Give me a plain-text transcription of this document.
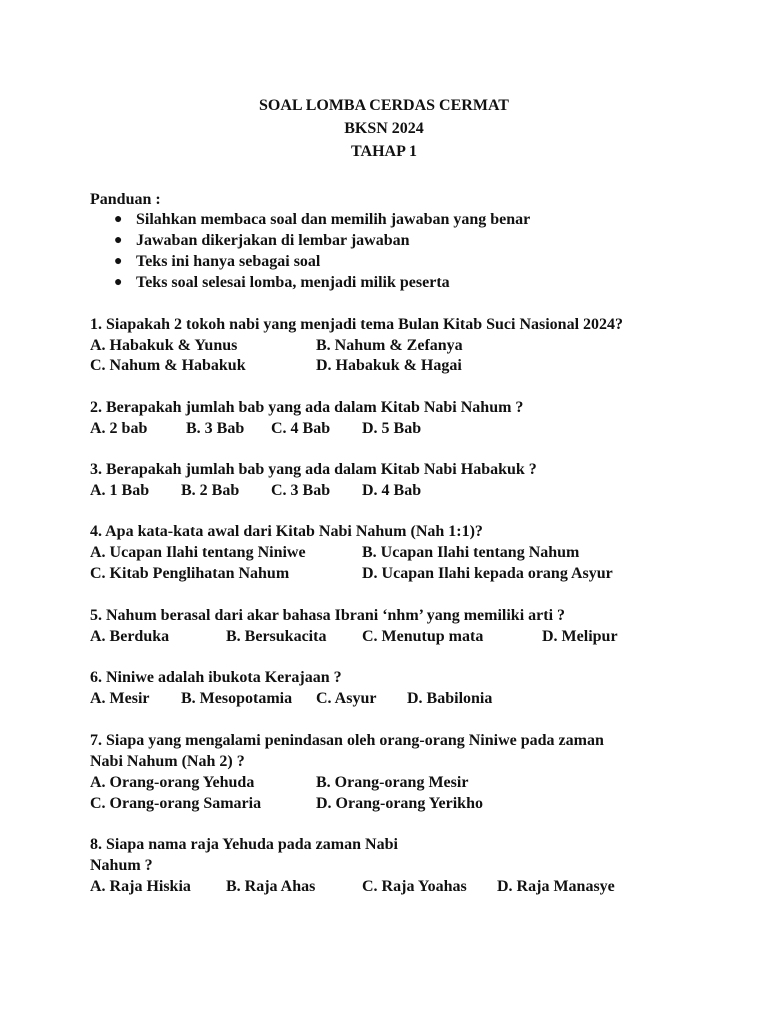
SOAL LOMBA CERDAS CERMAT
BKSN 2024
TAHAP 1
Panduan :
● Silahkan membaca soal dan memilih jawaban yang benar
● Jawaban dikerjakan di lembar jawaban
● Teks ini hanya sebagai soal
● Teks soal selesai lomba, menjadi milik peserta
1. Siapakah 2 tokoh nabi yang menjadi tema Bulan Kitab Suci Nasional 2024?
A. Habakuk & Yunus	B. Nahum & Zefanya
C. Nahum & Habakuk	D. Habakuk & Hagai
2. Berapakah jumlah bab yang ada dalam Kitab Nabi Nahum ?
A. 2 bab B. 3 Bab C. 4 Bab D. 5 Bab
3. Berapakah jumlah bab yang ada dalam Kitab Nabi Habakuk ?
A. 1 Bab B. 2 Bab C. 3 Bab D. 4 Bab
4. Apa kata-kata awal dari Kitab Nabi Nahum (Nah 1:1)?
A. Ucapan Ilahi tentang Niniwe	B. Ucapan Ilahi tentang Nahum
C. Kitab Penglihatan Nahum	D. Ucapan Ilahi kepada orang Asyur
5. Nahum berasal dari akar bahasa Ibrani ‘nhm’ yang memiliki arti ?
A. Berduka	B. Bersukacita C. Menutup mata	D. Melipur
6. Niniwe adalah ibukota Kerajaan ?
A. Mesir B. Mesopotamia C. Asyur D. Babilonia
7. Siapa yang mengalami penindasan oleh orang-orang Niniwe pada zaman
Nabi Nahum (Nah 2) ?
A. Orang-orang Yehuda	B. Orang-orang Mesir
C. Orang-orang Samaria	D. Orang-orang Yerikho
8. Siapa nama raja Yehuda pada zaman Nabi
Nahum ?
A. Raja Hiskia B. Raja Ahas	C. Raja Yoahas D. Raja Manasye
